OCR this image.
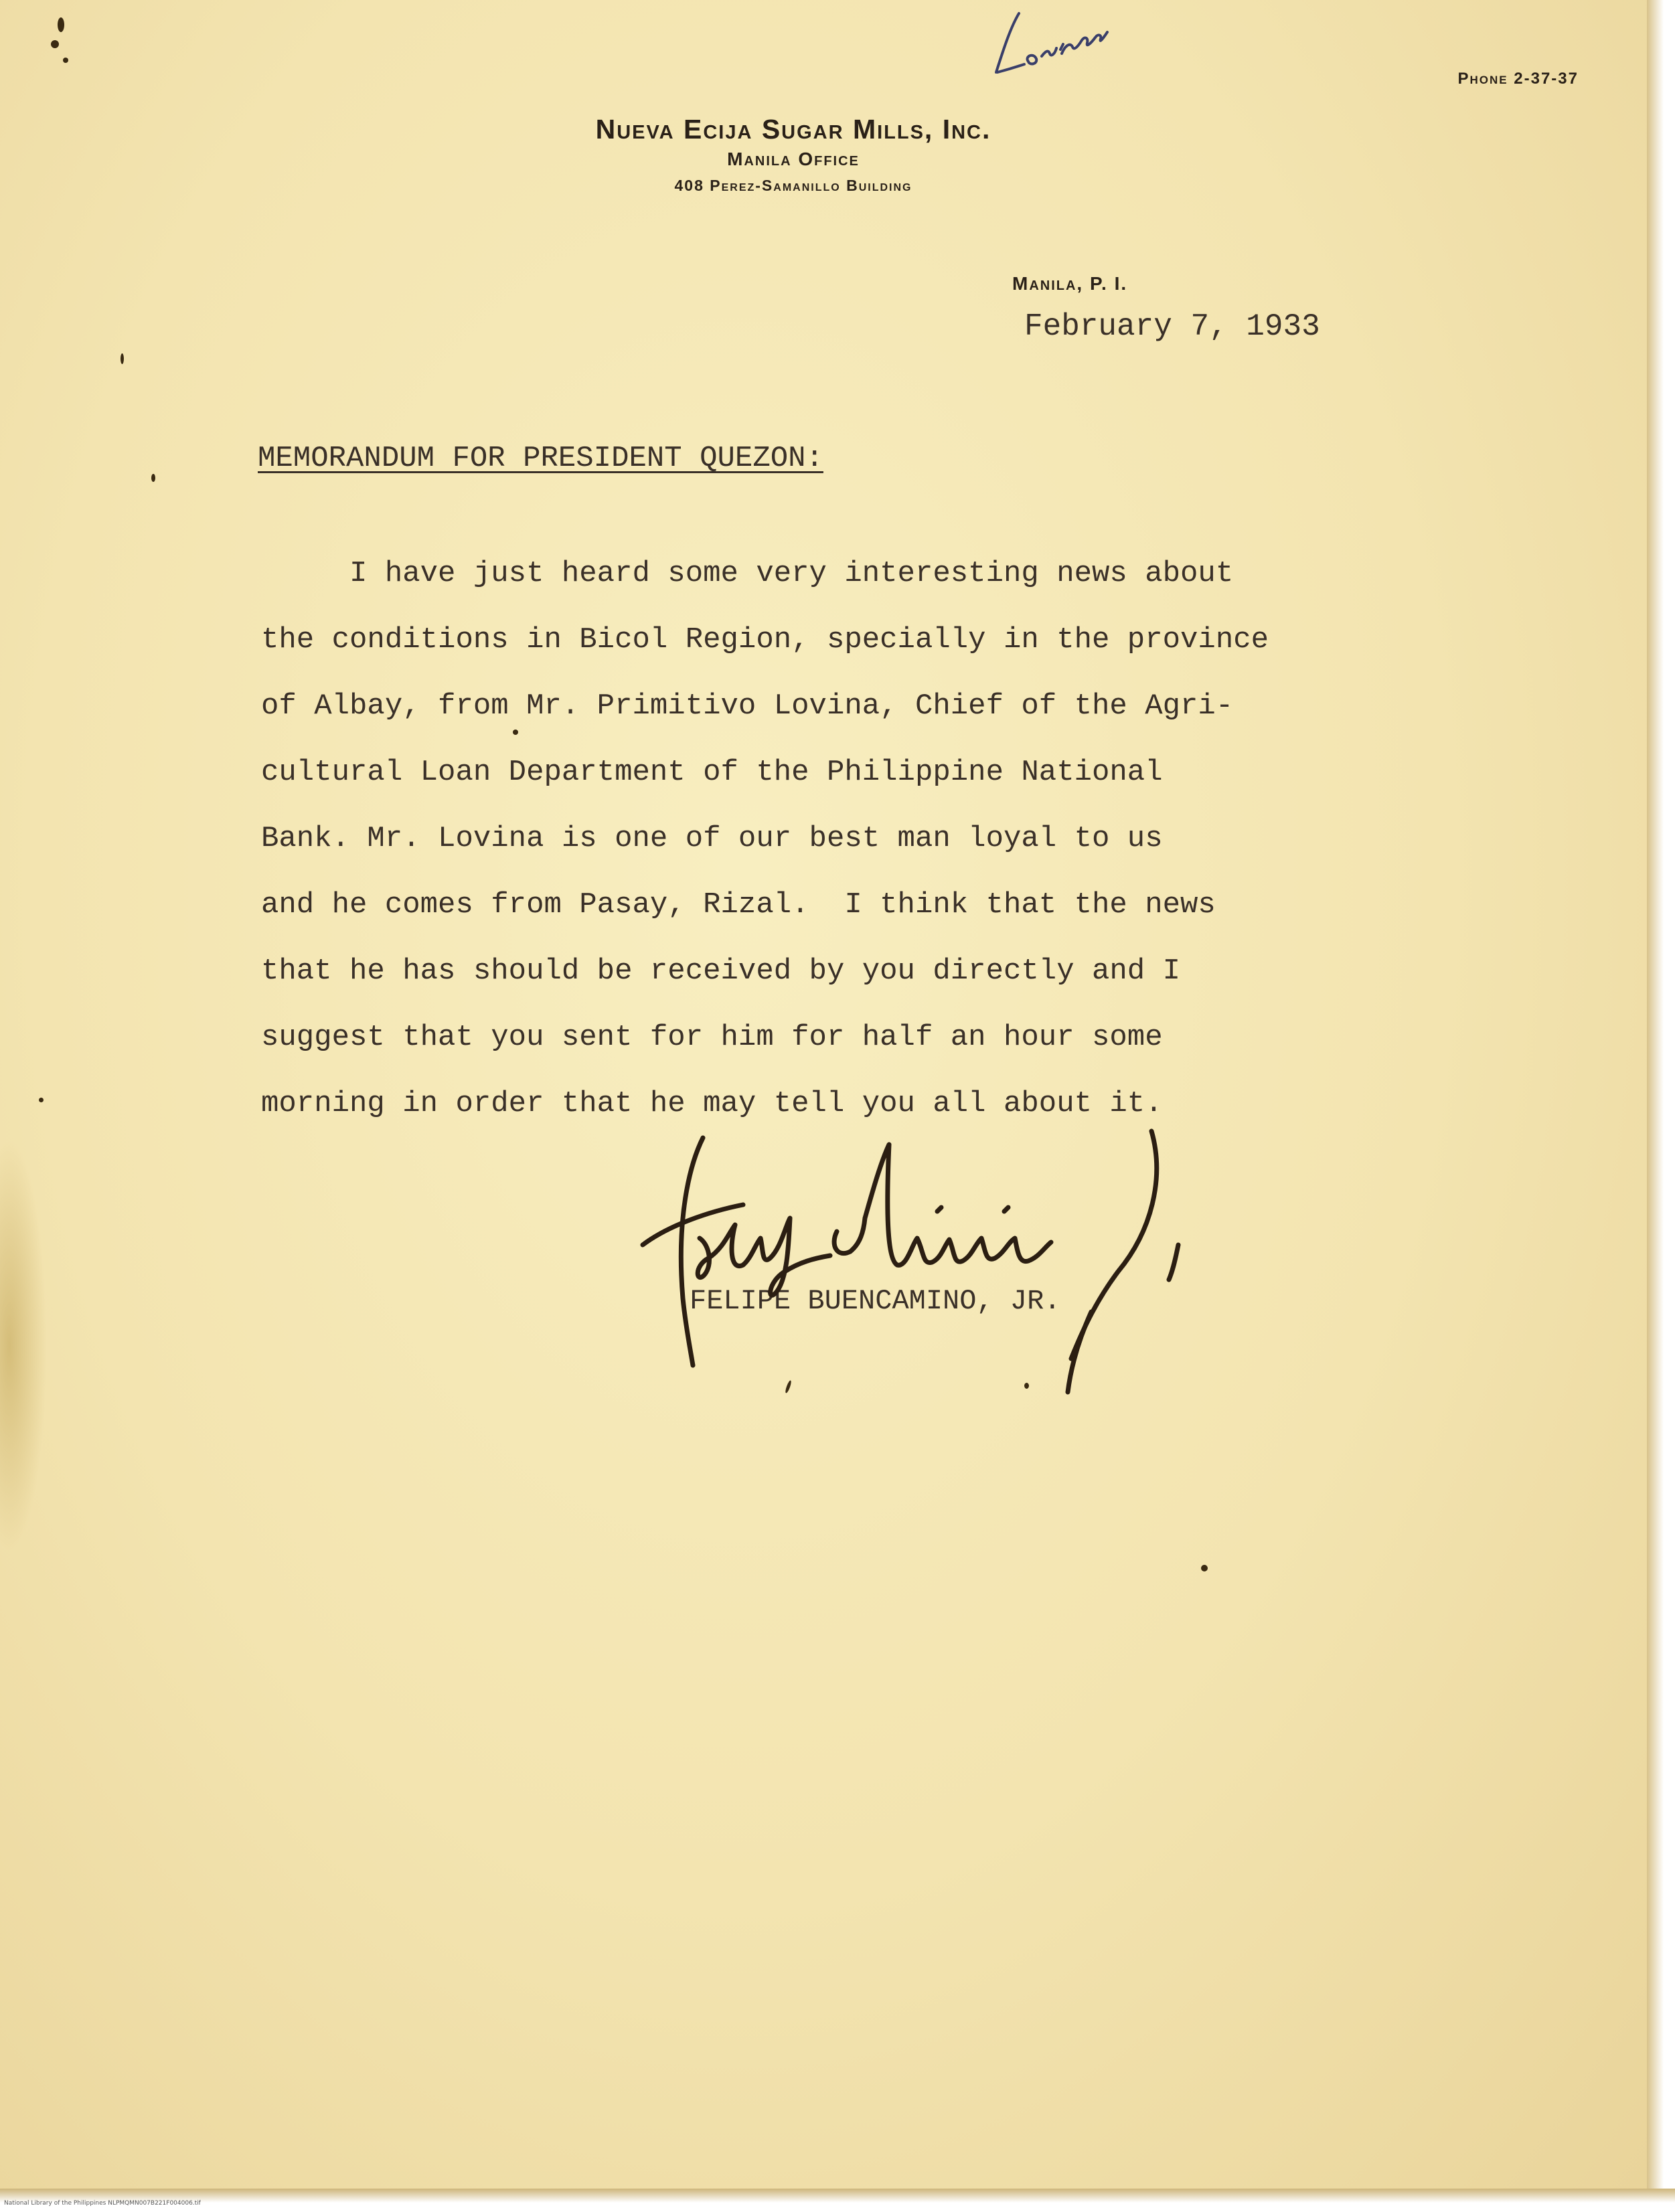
Nueva Ecija Sugar Mills, Inc.
Manila Office
408 Perez-Samanillo Building
Phone 2-37-37
Manila, P. I.
February 7, 1933
MEMORANDUM FOR PRESIDENT QUEZON:
I have just heard some very interesting news about
the conditions in Bicol Region, specially in the province
of Albay, from Mr. Primitivo Lovina, Chief of the Agri-
cultural Loan Department of the Philippine National
Bank. Mr. Lovina is one of our best man loyal to us
and he comes from Pasay, Rizal.  I think that the news
that he has should be received by you directly and I
suggest that you sent for him for half an hour some
morning in order that he may tell you all about it.
FELIPE BUENCAMINO, JR.
National Library of the Philippines NLPMQMN007B221F004006.tif
